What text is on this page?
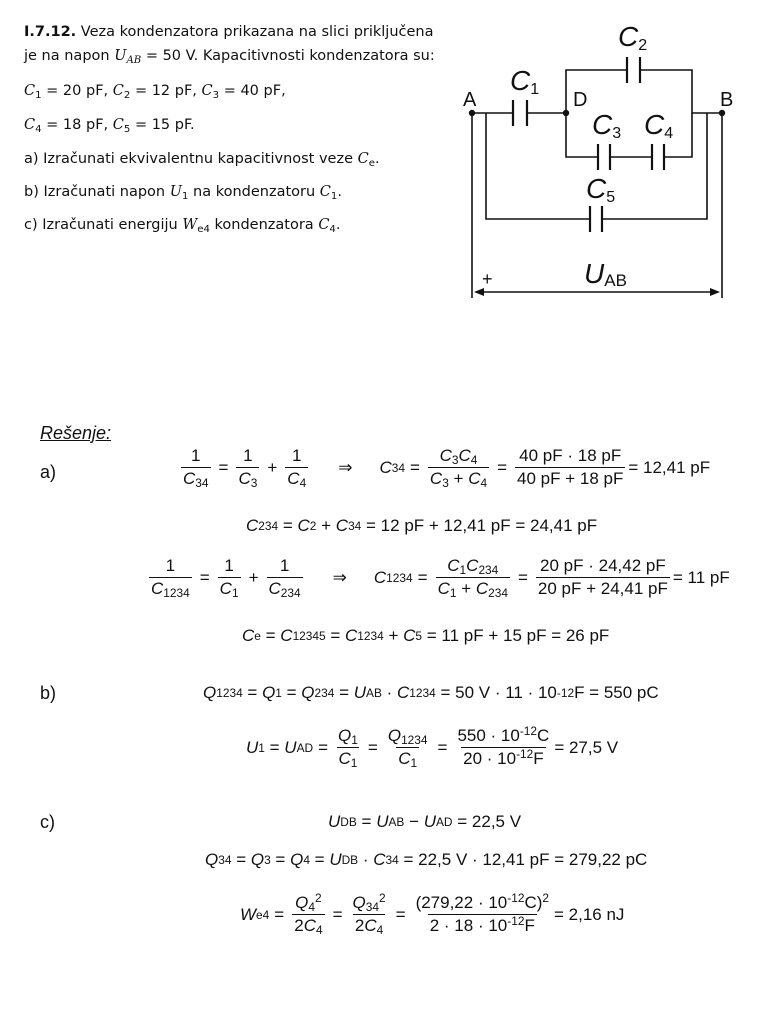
I.7.12. Veza kondenzatora prikazana na slici priključena
je na napon $U_{AB} = 50$ V. Kapacitivnosti kondenzatora su:
$C_1 = 20$ pF, $C_2 = 12$ pF, $C_3 = 40$ pF,
$C_4 = 18$ pF, $C_5 = 15$ pF.
a) Izračunati ekvivalentnu kapacitivnost veze $C_e$.
b) Izračunati napon $U_1$ na kondenzatoru $C_1$.
c) Izračunati energiju $W_{e4}$ kondenzatora $C_4$.
A	B
D
C1
C2
C3 C4
C5
+	UAB
Rešenje:
a)
b)
c)
$\frac{1}{C_{34}} = \frac{1}{C_3} + \frac{1}{C_4}$ ⇒ C $34 = \frac{C_3C_4}{C_3 + C_4} = \frac{40 pF \cdot 18 pF}{40 pF + 18 pF} = 12,41$ pF
C 234 = C 2 + C 34
= 12 pF + 12,41 pF = 24,41 pF
$\frac{1}{C_{1234}} = \frac{1}{C_1} + \frac{1}{C_{234}}$ ⇒ C $1234 = \frac{C_1C_{234}}{C_1 + C_{234}} = \frac{20 pF \cdot 24,42 pF}{20 pF + 24,41 pF} = 11$ pF
C e = C 12345 = C 1234 + C 5
= 11 pF + 15 pF = 26 pF
Q 1234 = Q 1 = Q 234 = U AB · C 1234
= 50 V · 11 · 10 -12 F = 550 pC
U 1 = U AD = $\frac{Q_1}{C_1} = \frac{Q_{1234}}{C_1} = \frac{550 \cdot 10^{-12}C}{20 \cdot 10^{-12}F} = 27,5$ V
U DB = U AB − U AD
= 22,5 V
Q 34 = Q 3 = Q 4 = U DB · C 34
= 22,5 V · 12,41 pF = 279,22 pC
W $e4 = \frac{Q_4^2}{2C_4} = \frac{Q_{34}^2}{2C_4} = \frac{(279,22 \cdot 10^{-12}C)^2}{2 \cdot 18 \cdot 10^{-12}F} = 2,16$ nJ
